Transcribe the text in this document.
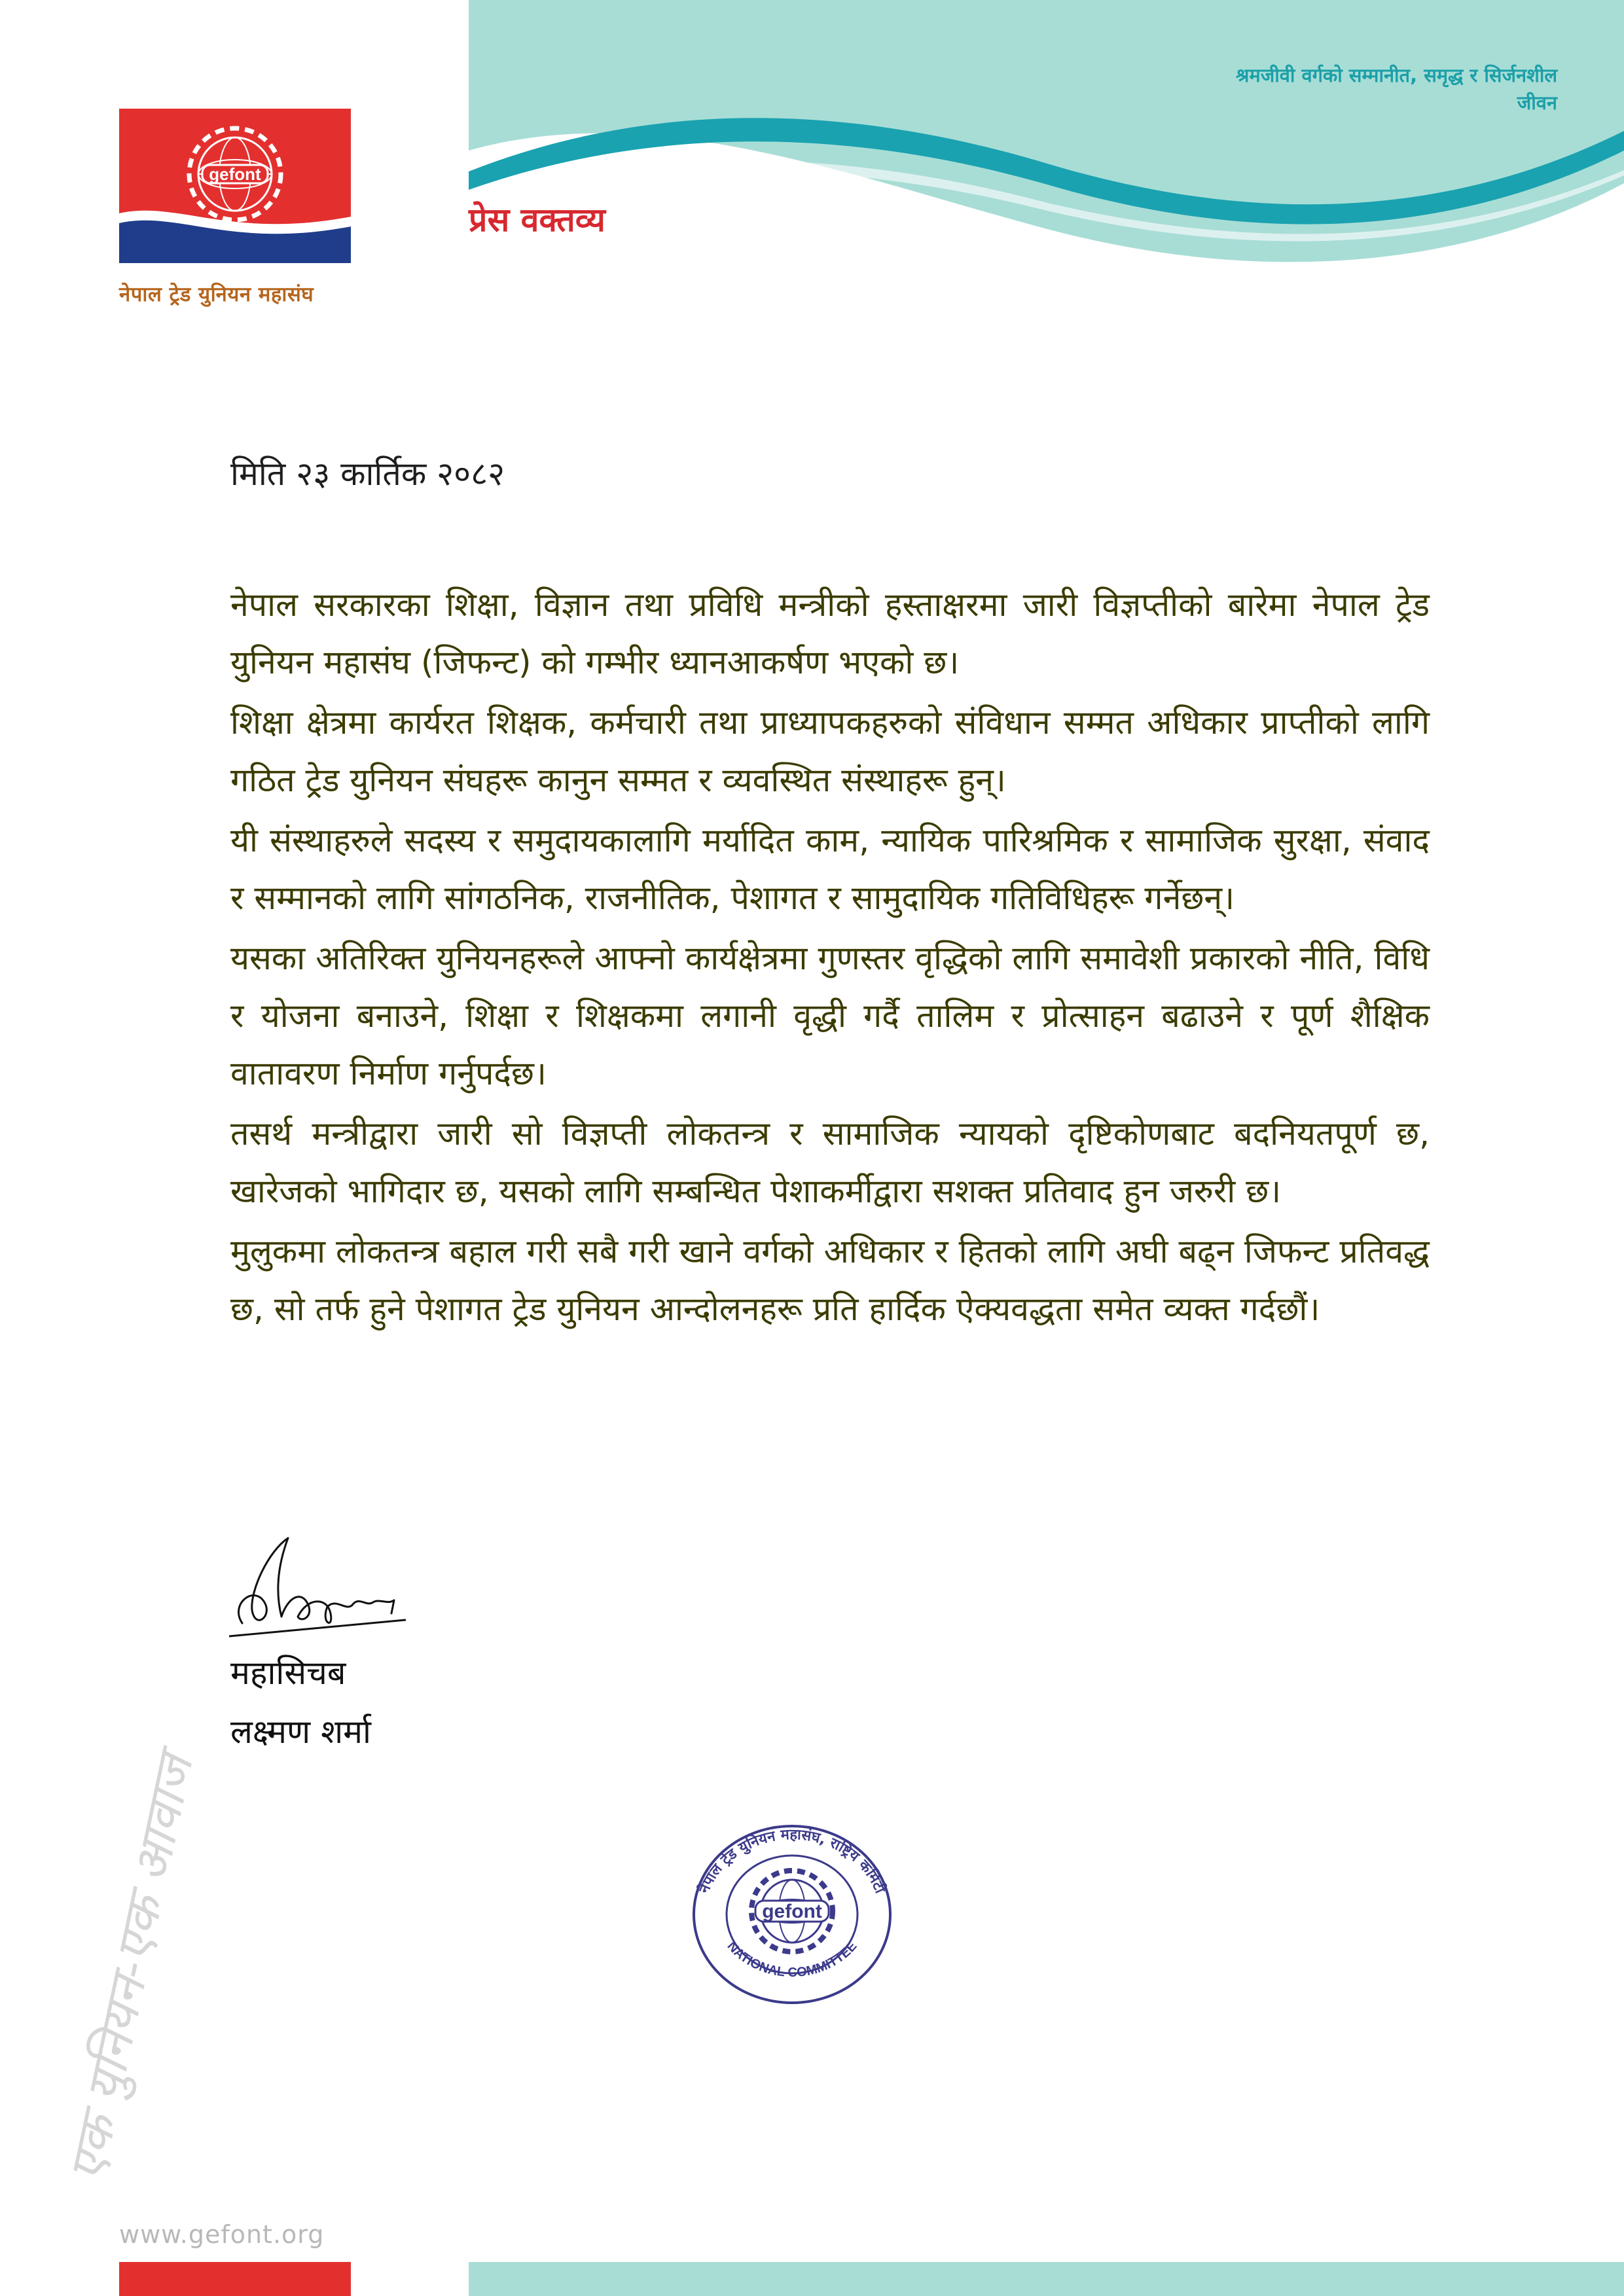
श्रमजीवी वर्गको सम्मानीत, समृद्ध र सिर्जनशील जीवन
gefont
नेपाल ट्रेड युनियन महासंघ
प्रेस वक्तव्य
मिति २३ कार्तिक २०८२

नेपाल सरकारका शिक्षा, विज्ञान तथा प्रविधि मन्त्रीको हस्ताक्षरमा जारी विज्ञप्तीको बारेमा नेपाल ट्रेड युनियन महासंघ (जिफन्ट) को गम्भीर ध्यानआकर्षण भएको छ।

शिक्षा क्षेत्रमा कार्यरत शिक्षक, कर्मचारी तथा प्राध्यापकहरुको संविधान सम्मत अधिकार प्राप्तीको लागि गठित ट्रेड युनियन संघहरू कानुन सम्मत र व्यवस्थित संस्थाहरू हुन्।

यी संस्थाहरुले सदस्य र समुदायकालागि मर्यादित काम, न्यायिक पारिश्रमिक र सामाजिक सुरक्षा, संवाद र सम्मानको लागि सांगठनिक, राजनीतिक, पेशागत र सामुदायिक गतिविधिहरू गर्नेछन्।

यसका अतिरिक्त युनियनहरूले आफ्नो कार्यक्षेत्रमा गुणस्तर वृद्धिको लागि समावेशी प्रकारको नीति, विधि र योजना बनाउने, शिक्षा र शिक्षकमा लगानी वृद्धी गर्दै तालिम र प्रोत्साहन बढाउने र पूर्ण शैक्षिक वातावरण निर्माण गर्नुपर्दछ।

तसर्थ मन्त्रीद्वारा जारी सो विज्ञप्ती लोकतन्त्र र सामाजिक न्यायको दृष्टिकोणबाट बदनियतपूर्ण छ, खारेजको भागिदार छ, यसको लागि सम्बन्धित पेशाकर्मीद्वारा सशक्त प्रतिवाद हुन जरुरी छ।

मुलुकमा लोकतन्त्र बहाल गरी सबै गरी खाने वर्गको अधिकार र हितको लागि अघी बढ्न जिफन्ट प्रतिवद्ध छ, सो तर्फ हुने पेशागत ट्रेड युनियन आन्दोलनहरू प्रति हार्दिक ऐक्यवद्धता समेत व्यक्त गर्दछौं।

महासिचब
लक्ष्मण शर्मा
नेपाल ट्रेड युनियन महासंघ, राष्ट्रिय कमिटी
gefont
NATIONAL COMMITTEE
एक युनियन-एक आवाज
www.gefont.org
